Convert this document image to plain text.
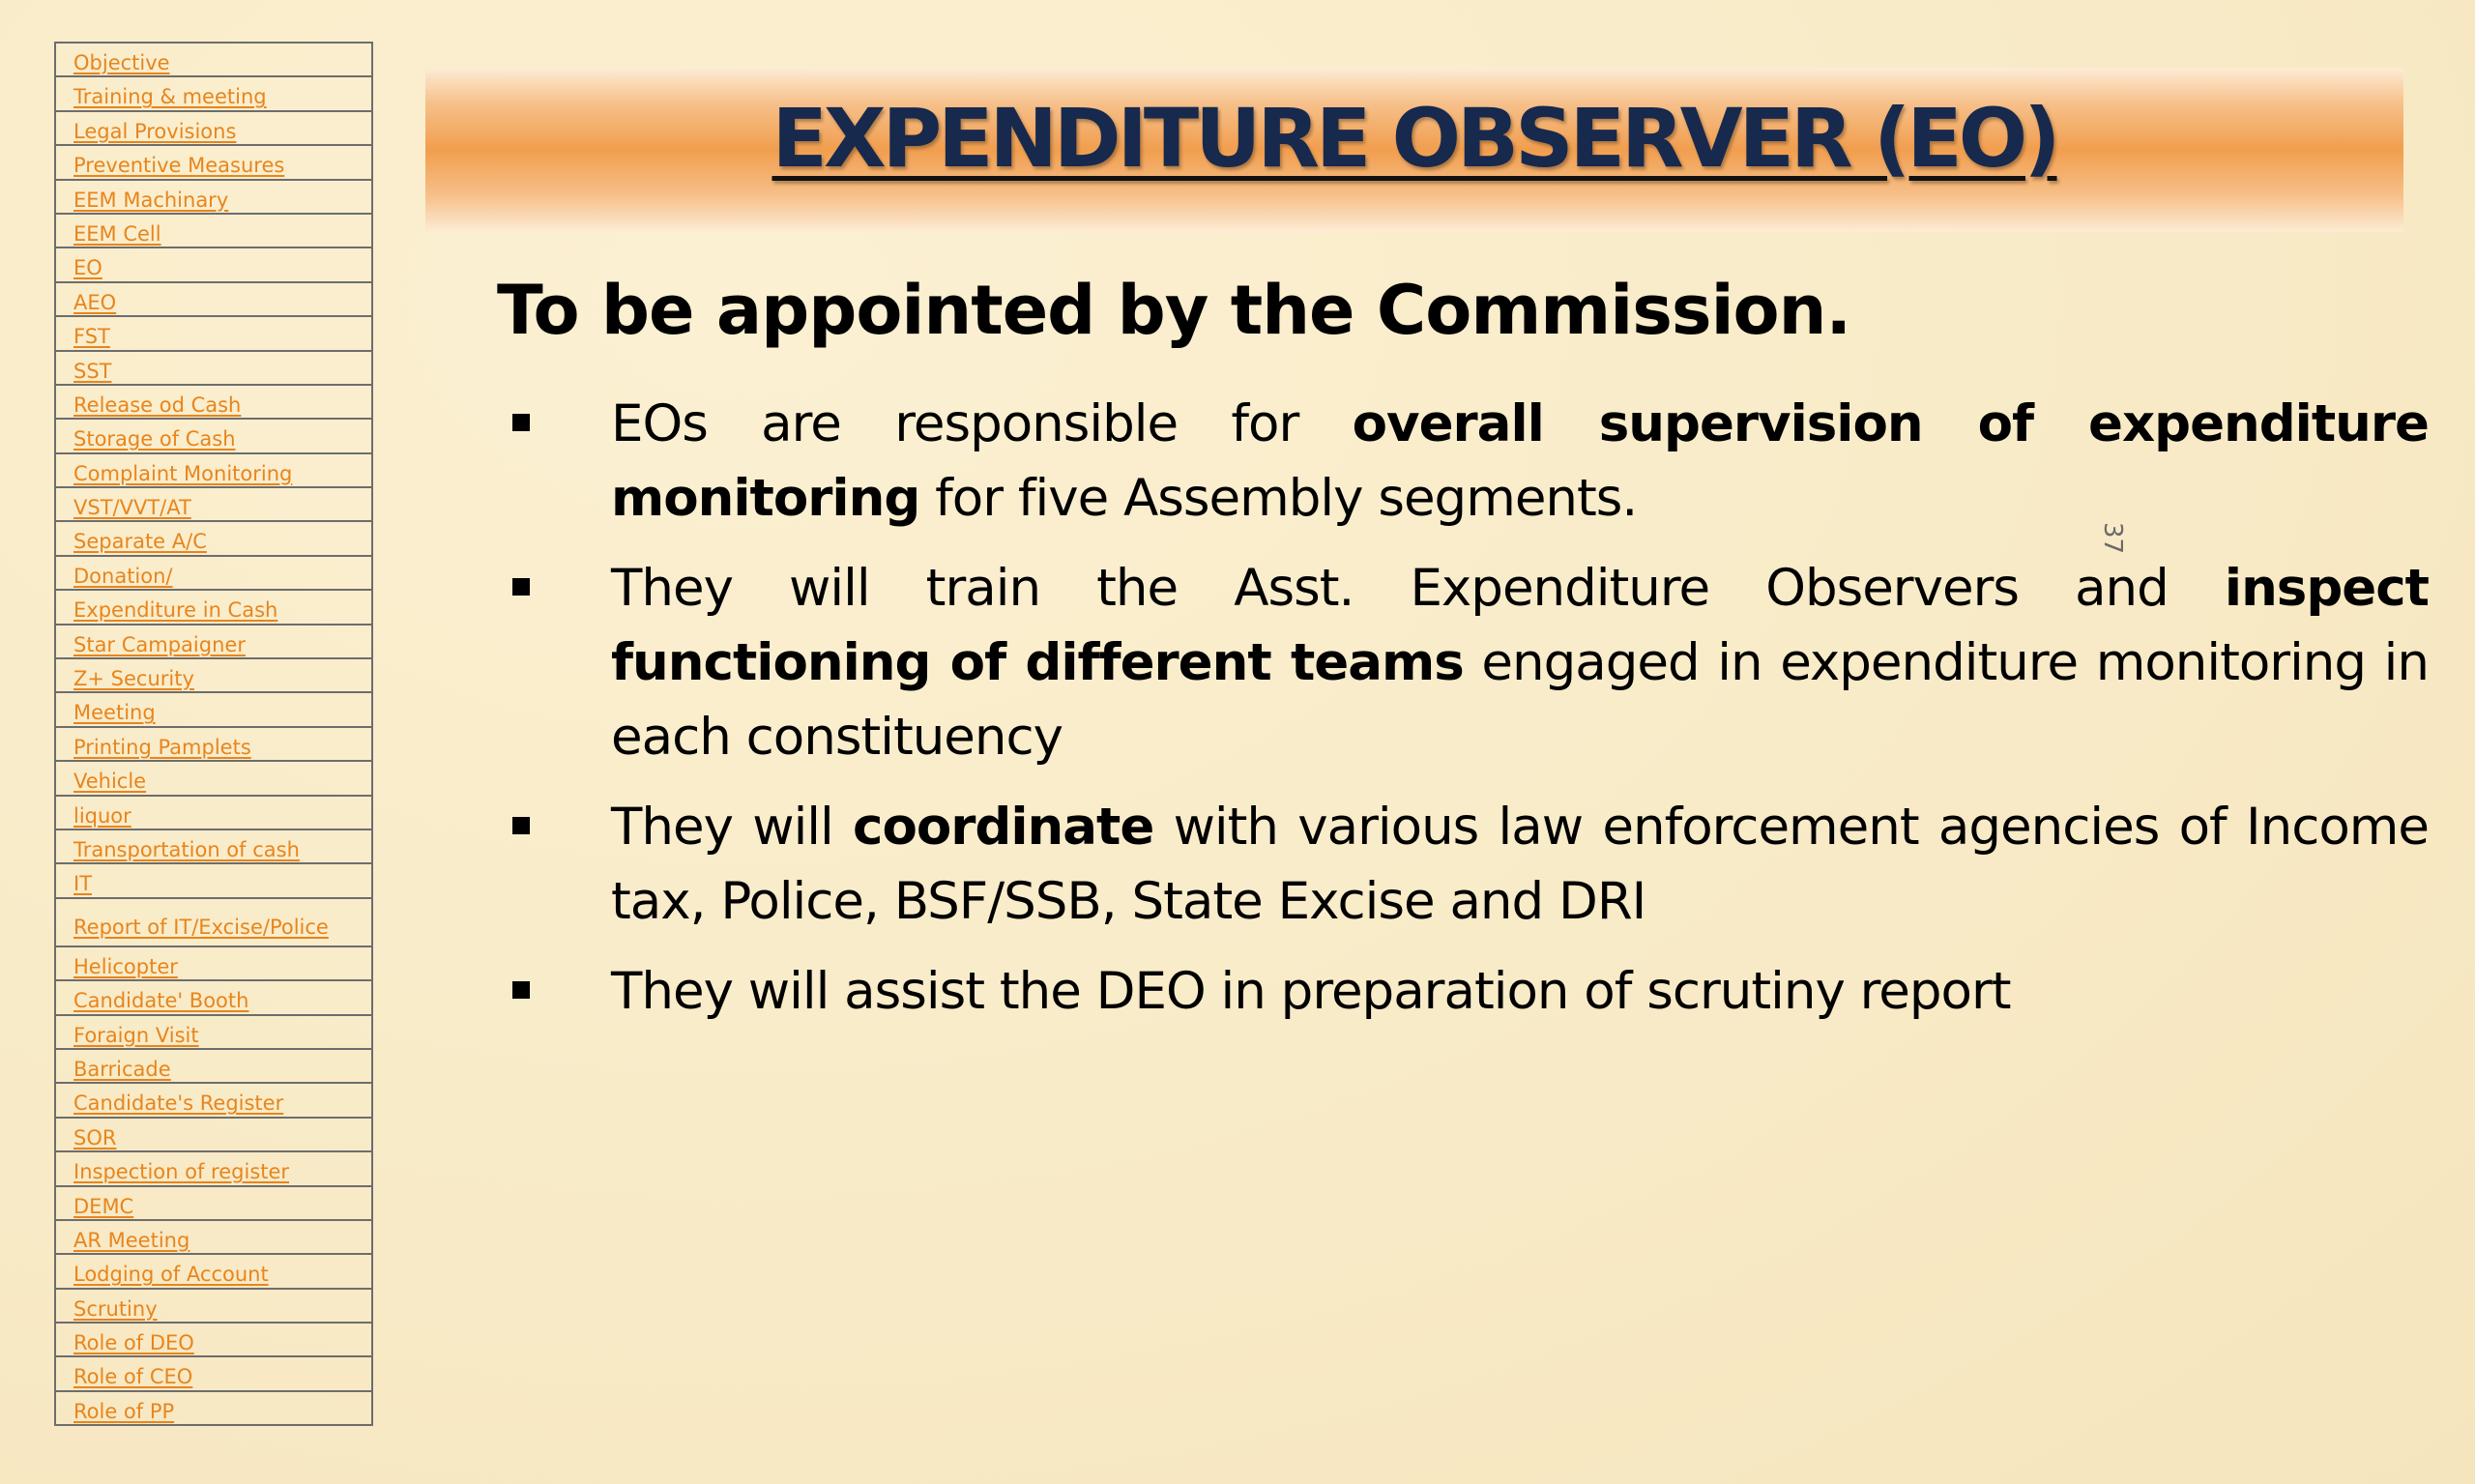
Objective
Training & meeting
Legal Provisions
Preventive Measures
EEM Machinary
EEM Cell
EO
AEO
FST
SST
Release od Cash
Storage of Cash
Complaint Monitoring
VST/VVT/AT
Separate A/C
Donation/
Expenditure in Cash
Star Campaigner
Z+ Security
Meeting
Printing Pamplets
Vehicle
liquor
Transportation of cash
IT
Report of IT/Excise/Police
Helicopter
Candidate' Booth
Foraign Visit
Barricade
Candidate's Register
SOR
Inspection of register
DEMC
AR Meeting
Lodging of Account
Scrutiny
Role of DEO
Role of CEO
Role of PP
EXPENDITURE OBSERVER (EO)
To be appointed by the Commission.
37
EOs are responsible for overall supervision of expenditure monitoring for five Assembly segments.
They will train the Asst. Expenditure Observers and inspect functioning of different teams engaged in expenditure monitoring in each constituency
They will coordinate with various law enforcement agencies of Income tax, Police, BSF/SSB, State Excise and DRI
They will assist the DEO in preparation of scrutiny report
